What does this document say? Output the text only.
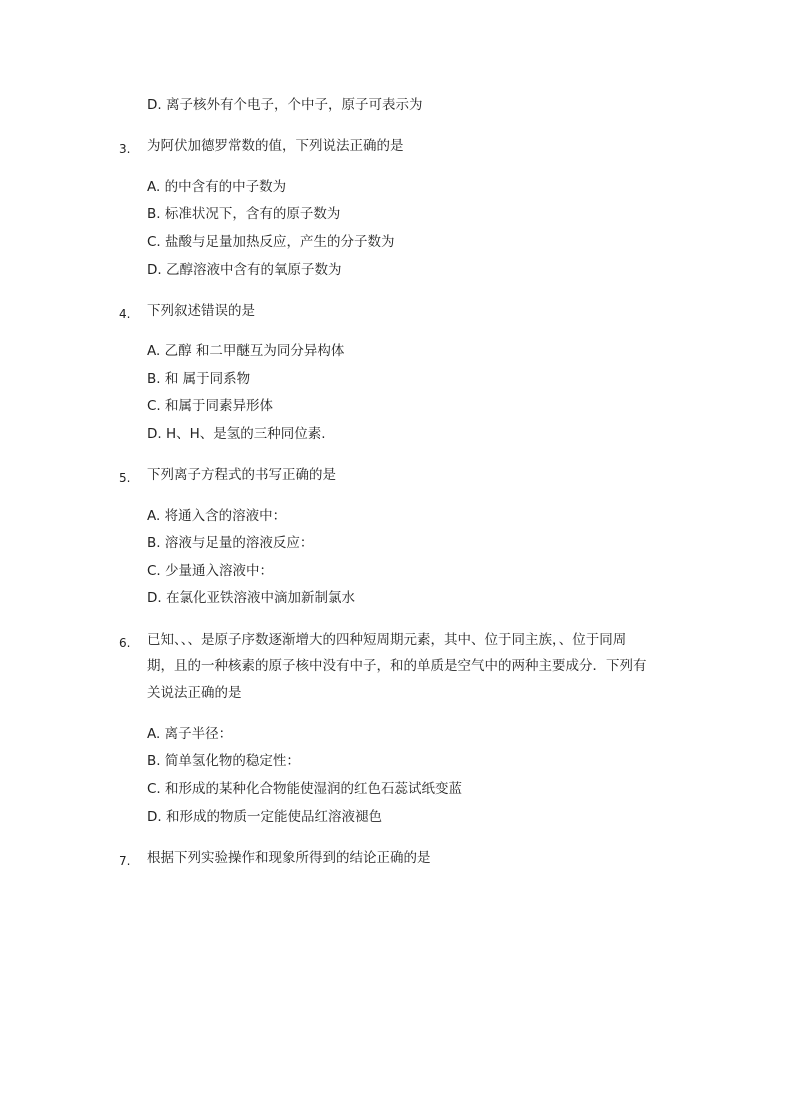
D. 离子核外有个电子，个中子，原子可表示为
3. 为阿伏加德罗常数的值，下列说法正确的是
A. 的中含有的中子数为
B. 标准状况下，含有的原子数为
C. 盐酸与足量加热反应，产生的分子数为
D. 乙醇溶液中含有的氧原子数为
4. 下列叙述错误的是
A. 乙醇 和二甲醚互为同分异构体
B. 和 属于同系物
C. 和属于同素异形体
D. H、H、是氢的三种同位素.
5. 下列离子方程式的书写正确的是
A. 将通入含的溶液中：
B. 溶液与足量的溶液反应：
C. 少量通入溶液中：
D. 在氯化亚铁溶液中滴加新制氯水
6. 已知、、、是原子序数逐渐增大的四种短周期元素，其中、位于同主族，、位于同周
期，且的一种核素的原子核中没有中子，和的单质是空气中的两种主要成分．下列有
关说法正确的是
A. 离子半径：
B. 简单氢化物的稳定性：
C. 和形成的某种化合物能使湿润的红色石蕊试纸变蓝
D. 和形成的物质一定能使品红溶液褪色
7. 根据下列实验操作和现象所得到的结论正确的是
